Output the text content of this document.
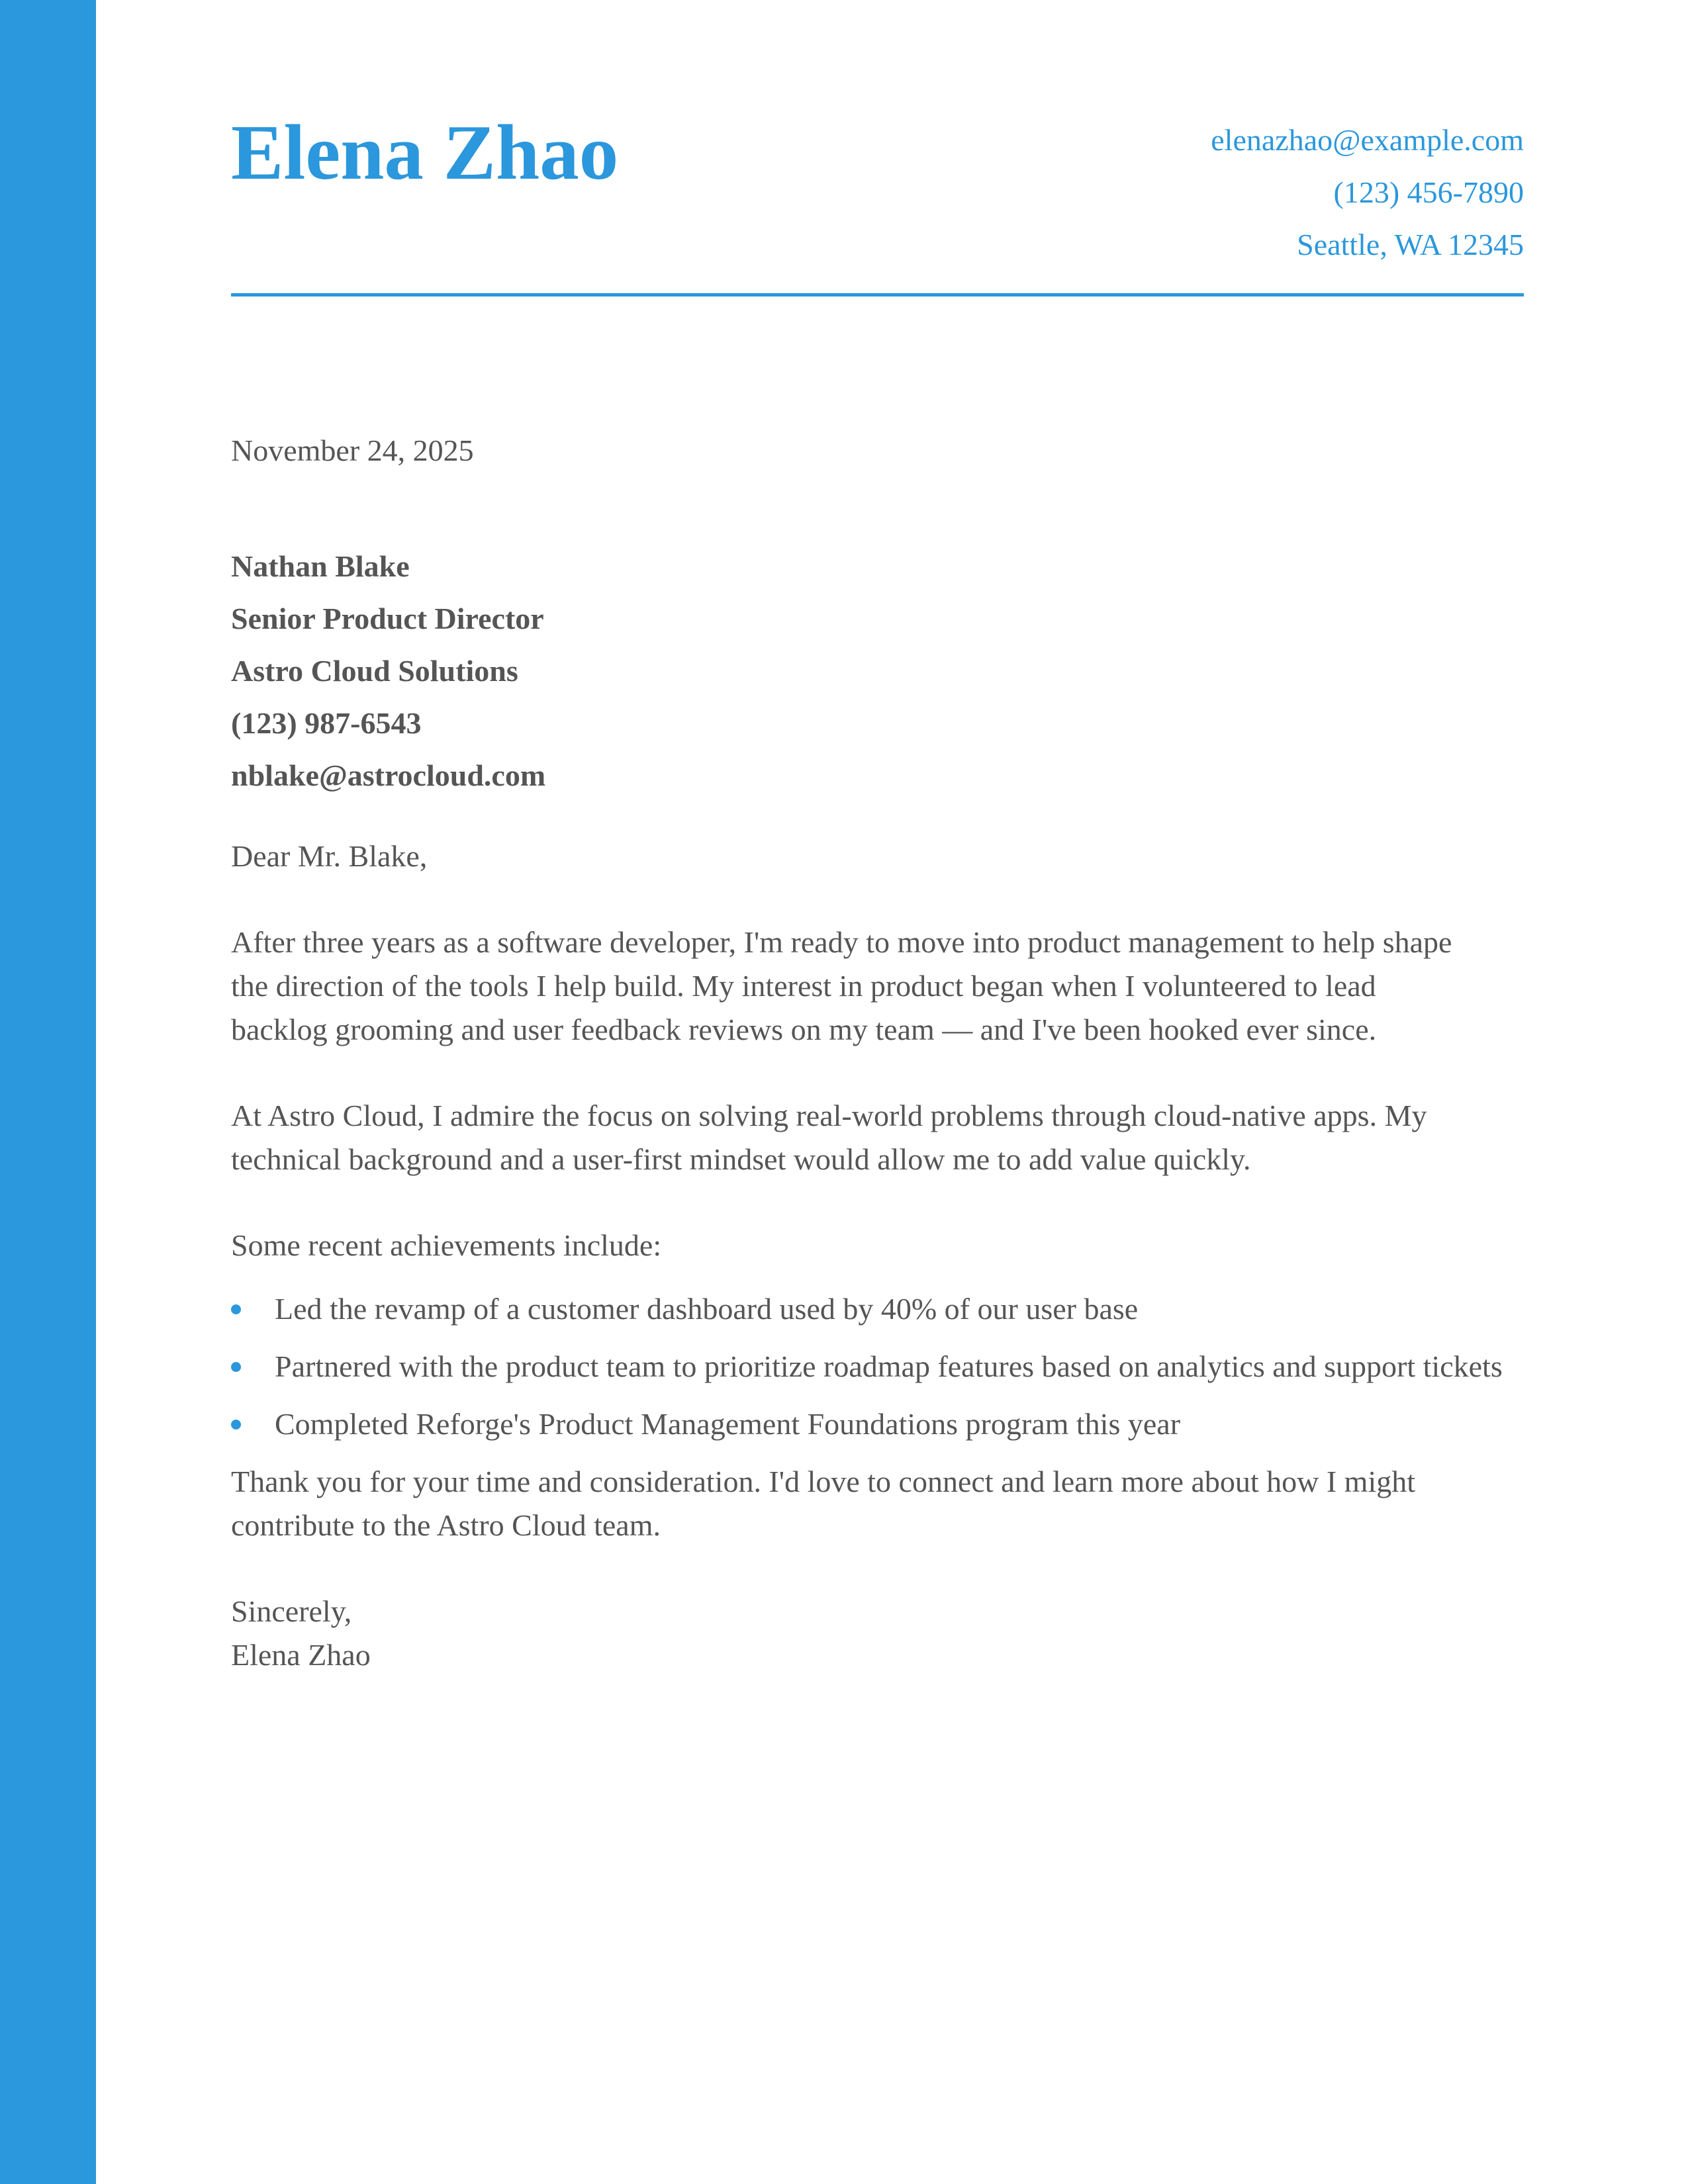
Elena Zhao	elenazhao@example.com
(123) 456-7890
Seattle, WA 12345

November 24, 2025

Nathan Blake
Senior Product Director
Astro Cloud Solutions
(123) 987-6543
nblake@astrocloud.com

Dear Mr. Blake,

After three years as a software developer, I'm ready to move into product management to help shape the direction of the tools I help build. My interest in product began when I volunteered to lead backlog grooming and user feedback reviews on my team — and I've been hooked ever since.

At Astro Cloud, I admire the focus on solving real-world problems through cloud-native apps. My technical background and a user-first mindset would allow me to add value quickly.

Some recent achievements include:

Led the revamp of a customer dashboard used by 40% of our user base
Partnered with the product team to prioritize roadmap features based on analytics and support tickets
Completed Reforge's Product Management Foundations program this year

Thank you for your time and consideration. I'd love to connect and learn more about how I might contribute to the Astro Cloud team.

Sincerely,
Elena Zhao
